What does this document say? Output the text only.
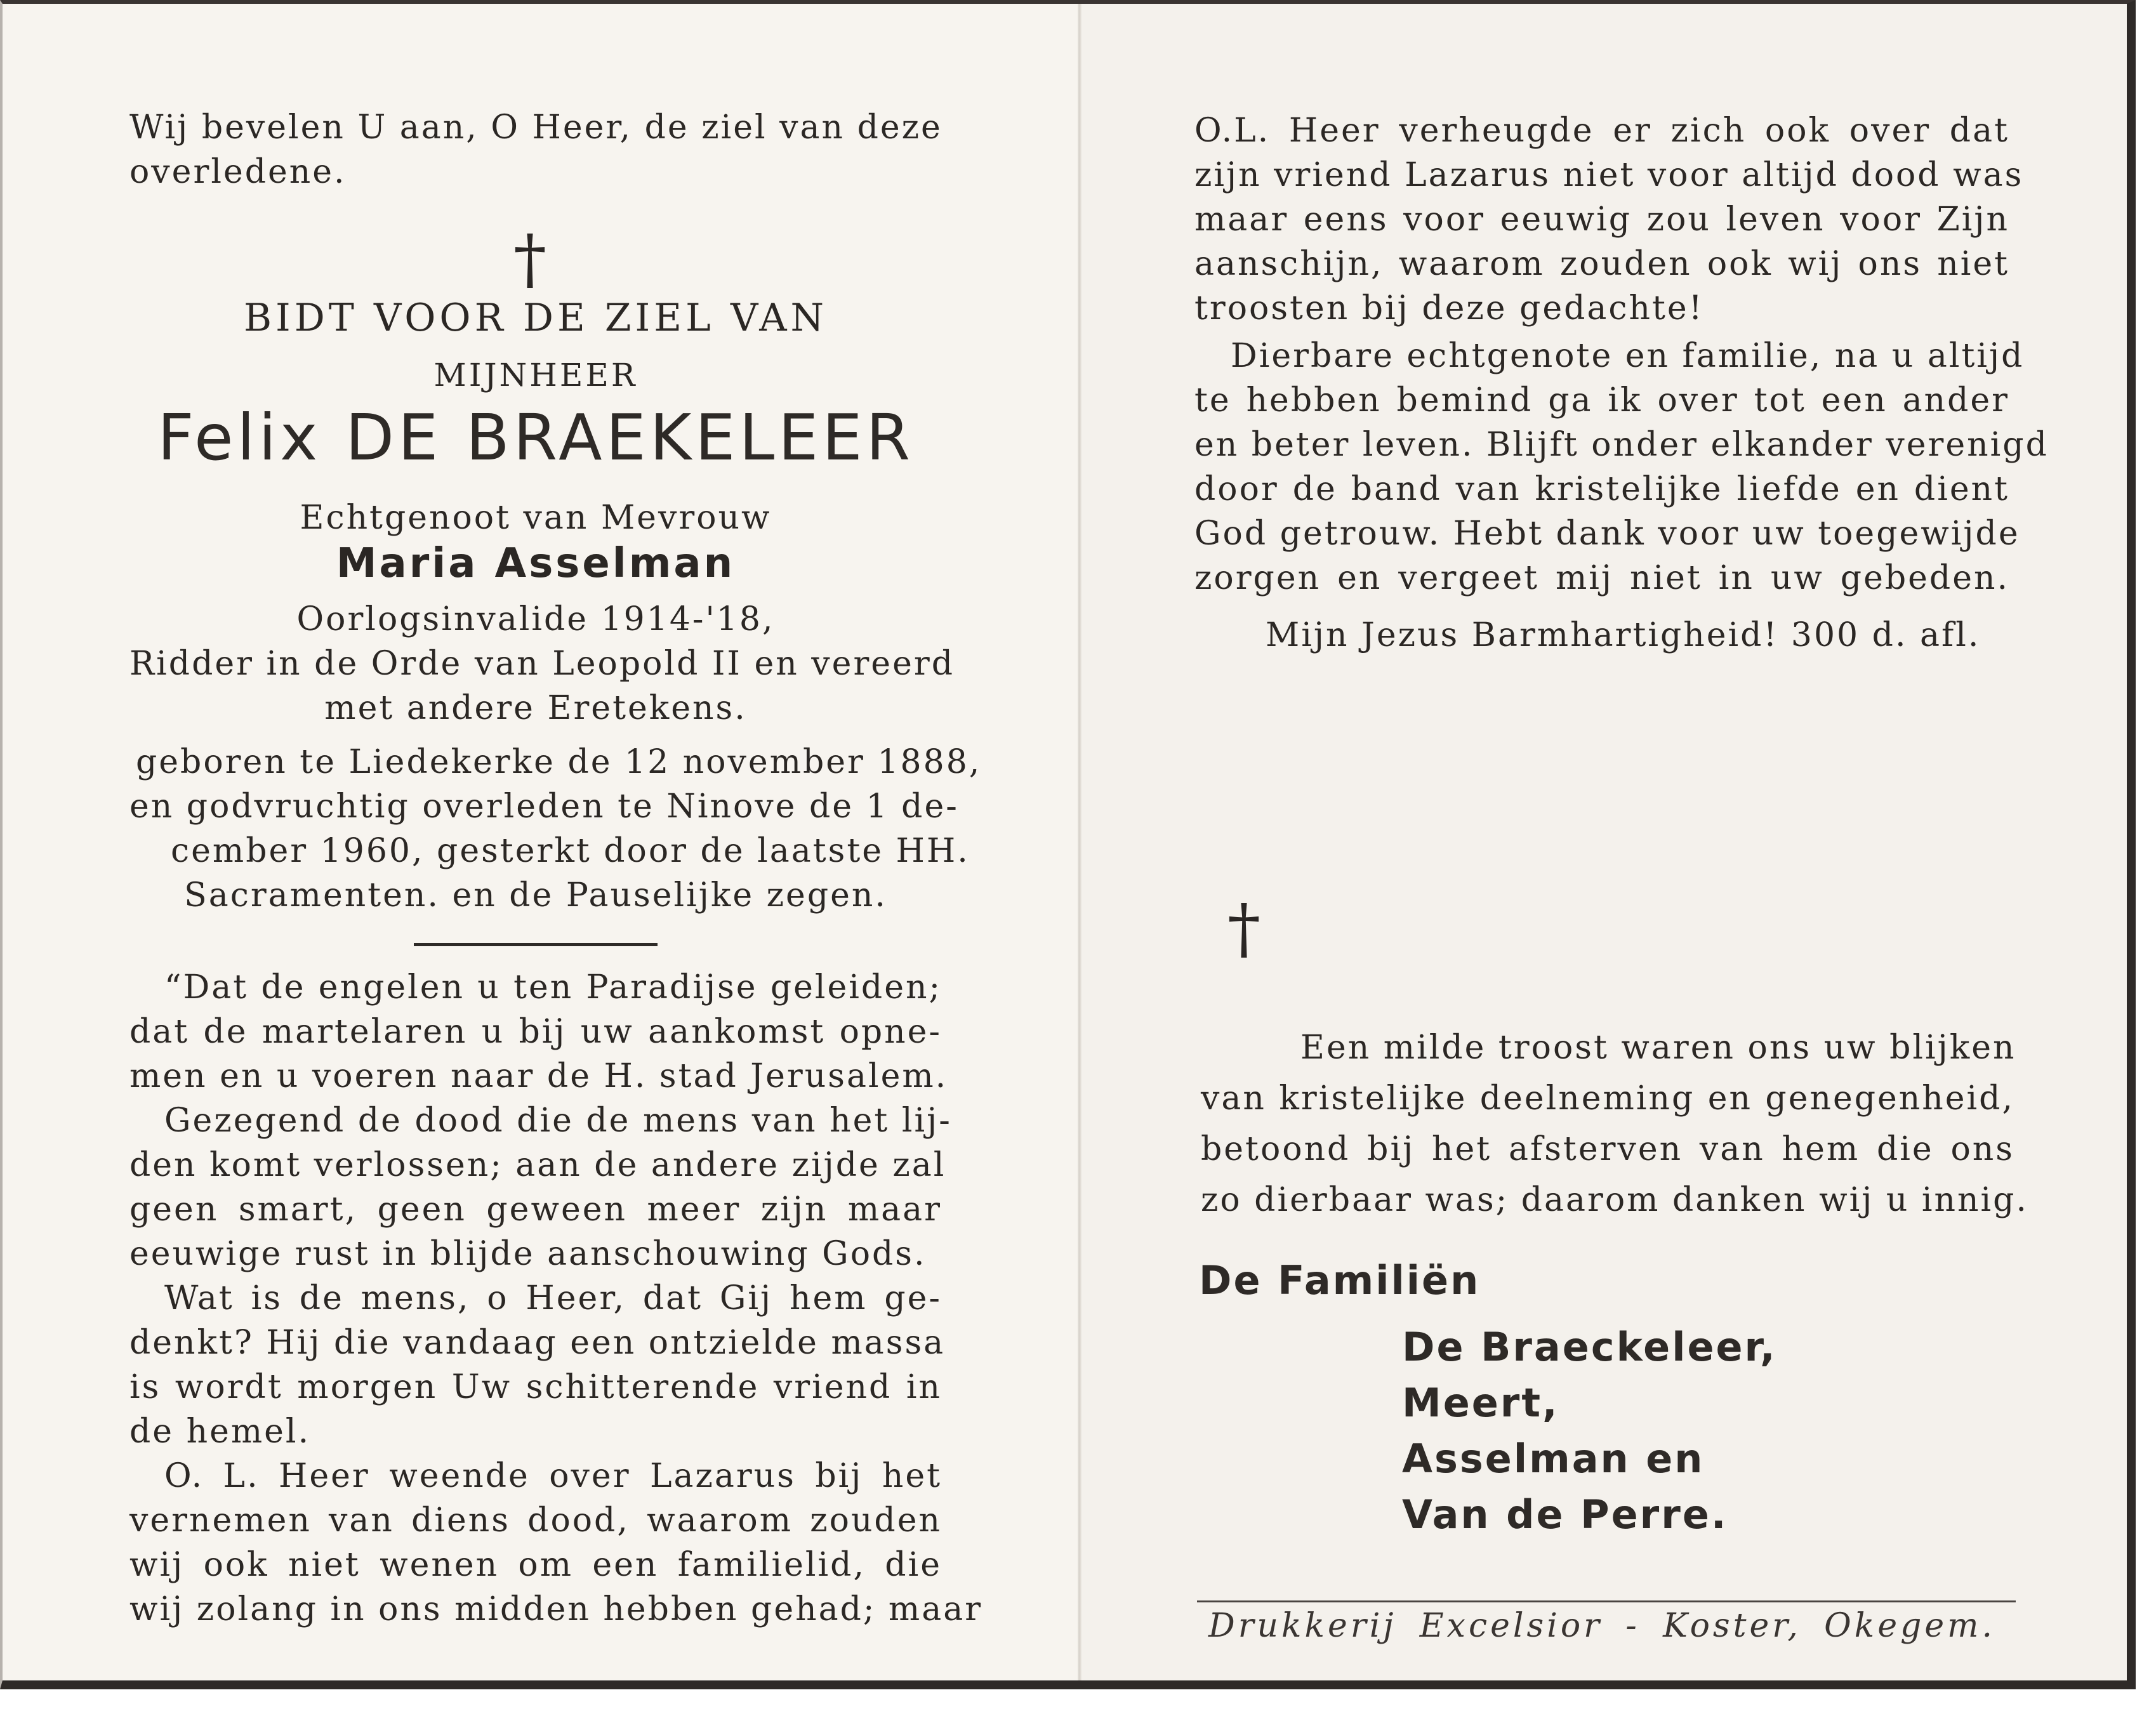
Wij bevelen U aan, O Heer, de ziel van deze

overledene.

†

BIDT VOOR DE ZIEL VAN

MIJNHEER

Felix DE BRAEKELEER

Echtgenoot van Mevrouw

Maria Asselman

Oorlogsinvalide 1914-'18,

Ridder in de Orde van Leopold II en vereerd

met andere Eretekens.

geboren te Liedekerke de 12 november 1888,

en godvruchtig overleden te Ninove de 1 de-

cember 1960, gesterkt door de laatste HH.

Sacramenten. en de Pauselijke zegen.

“Dat de engelen u ten Paradijse geleiden;

dat de martelaren u bij uw aankomst opne-

men en u voeren naar de H. stad Jerusalem.

Gezegend de dood die de mens van het lij-

den komt verlossen; aan de andere zijde zal

geen smart, geen geween meer zijn maar

eeuwige rust in blijde aanschouwing Gods.

Wat is de mens, o Heer, dat Gij hem ge-

denkt? Hij die vandaag een ontzielde massa

is wordt morgen Uw schitterende vriend in

de hemel.

O. L. Heer weende over Lazarus bij het

vernemen van diens dood, waarom zouden

wij ook niet wenen om een familielid, die

wij zolang in ons midden hebben gehad; maar

O.L. Heer verheugde er zich ook over dat

zijn vriend Lazarus niet voor altijd dood was

maar eens voor eeuwig zou leven voor Zijn

aanschijn, waarom zouden ook wij ons niet

troosten bij deze gedachte!

Dierbare echtgenote en familie, na u altijd

te hebben bemind ga ik over tot een ander

en beter leven. Blijft onder elkander verenigd

door de band van kristelijke liefde en dient

God getrouw. Hebt dank voor uw toegewijde

zorgen en vergeet mij niet in uw gebeden.

Mijn Jezus Barmhartigheid! 300 d. afl.

†

Een milde troost waren ons uw blijken

van kristelijke deelneming en genegenheid,

betoond bij het afsterven van hem die ons

zo dierbaar was; daarom danken wij u innig.

De Familiën

De Braeckeleer,

Meert,

Asselman en

Van de Perre.

Drukkerij Excelsior - Koster, Okegem.
